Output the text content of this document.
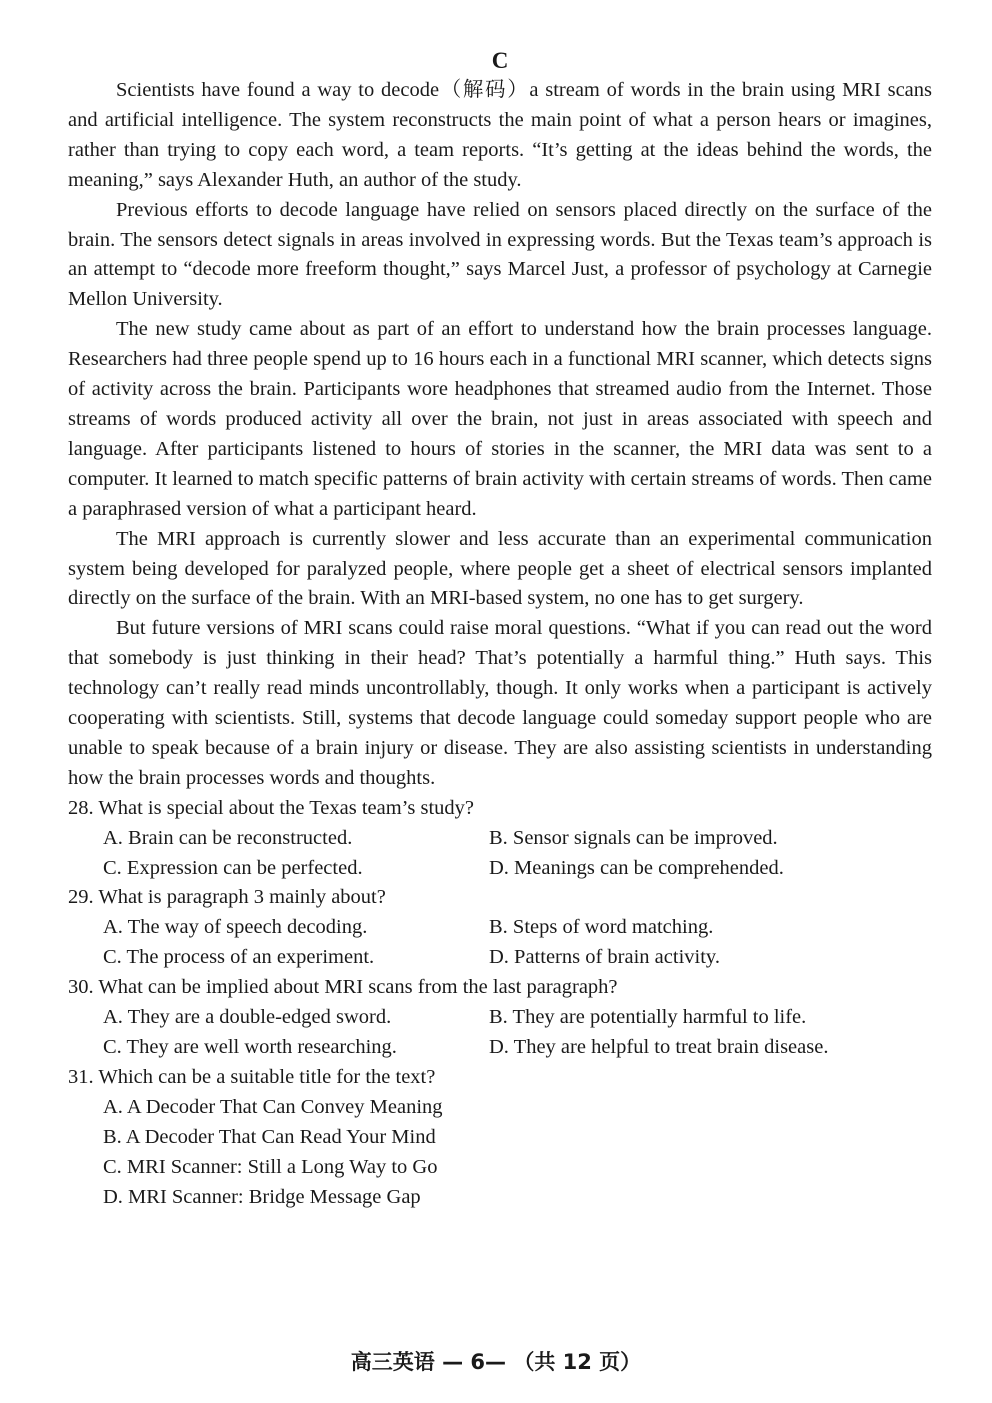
C

Scientists have found a way to decode（解码）a stream of words in the brain using MRI scans and artificial intelligence. The system reconstructs the main point of what a person hears or imagines, rather than trying to copy each word, a team reports. “It’s getting at the ideas behind the words, the meaning,” says Alexander Huth, an author of the study.

Previous efforts to decode language have relied on sensors placed directly on the surface of the brain. The sensors detect signals in areas involved in expressing words. But the Texas team’s approach is an attempt to “decode more freeform thought,” says Marcel Just, a professor of psychology at Carnegie Mellon University.

The new study came about as part of an effort to understand how the brain processes language. Researchers had three people spend up to 16 hours each in a functional MRI scanner, which detects signs of activity across the brain. Participants wore headphones that streamed audio from the Internet. Those streams of words produced activity all over the brain, not just in areas associated with speech and language. After participants listened to hours of stories in the scanner, the MRI data was sent to a computer. It learned to match specific patterns of brain activity with certain streams of words. Then came a paraphrased version of what a participant heard.

The MRI approach is currently slower and less accurate than an experimental communication system being developed for paralyzed people, where people get a sheet of electrical sensors implanted directly on the surface of the brain. With an MRI-based system, no one has to get surgery.

But future versions of MRI scans could raise moral questions. “What if you can read out the word that somebody is just thinking in their head? That’s potentially a harmful thing.” Huth says. This technology can’t really read minds uncontrollably, though. It only works when a participant is actively cooperating with scientists. Still, systems that decode language could someday support people who are unable to speak because of a brain injury or disease. They are also assisting scientists in understanding how the brain processes words and thoughts.

28. What is special about the Texas team’s study?

A. Brain can be reconstructed.	B. Sensor signals can be improved.
C. Expression can be perfected.	D. Meanings can be comprehended.

29. What is paragraph 3 mainly about?

A. The way of speech decoding.	B. Steps of word matching.
C. The process of an experiment.	D. Patterns of brain activity.

30. What can be implied about MRI scans from the last paragraph?

A. They are a double-edged sword.	B. They are potentially harmful to life.
C. They are well worth researching.	D. They are helpful to treat brain disease.

31. Which can be a suitable title for the text?

A. A Decoder That Can Convey Meaning
B. A Decoder That Can Read Your Mind
C. MRI Scanner: Still a Long Way to Go
D. MRI Scanner: Bridge Message Gap
高三英语 — 6— （共 12 页）
